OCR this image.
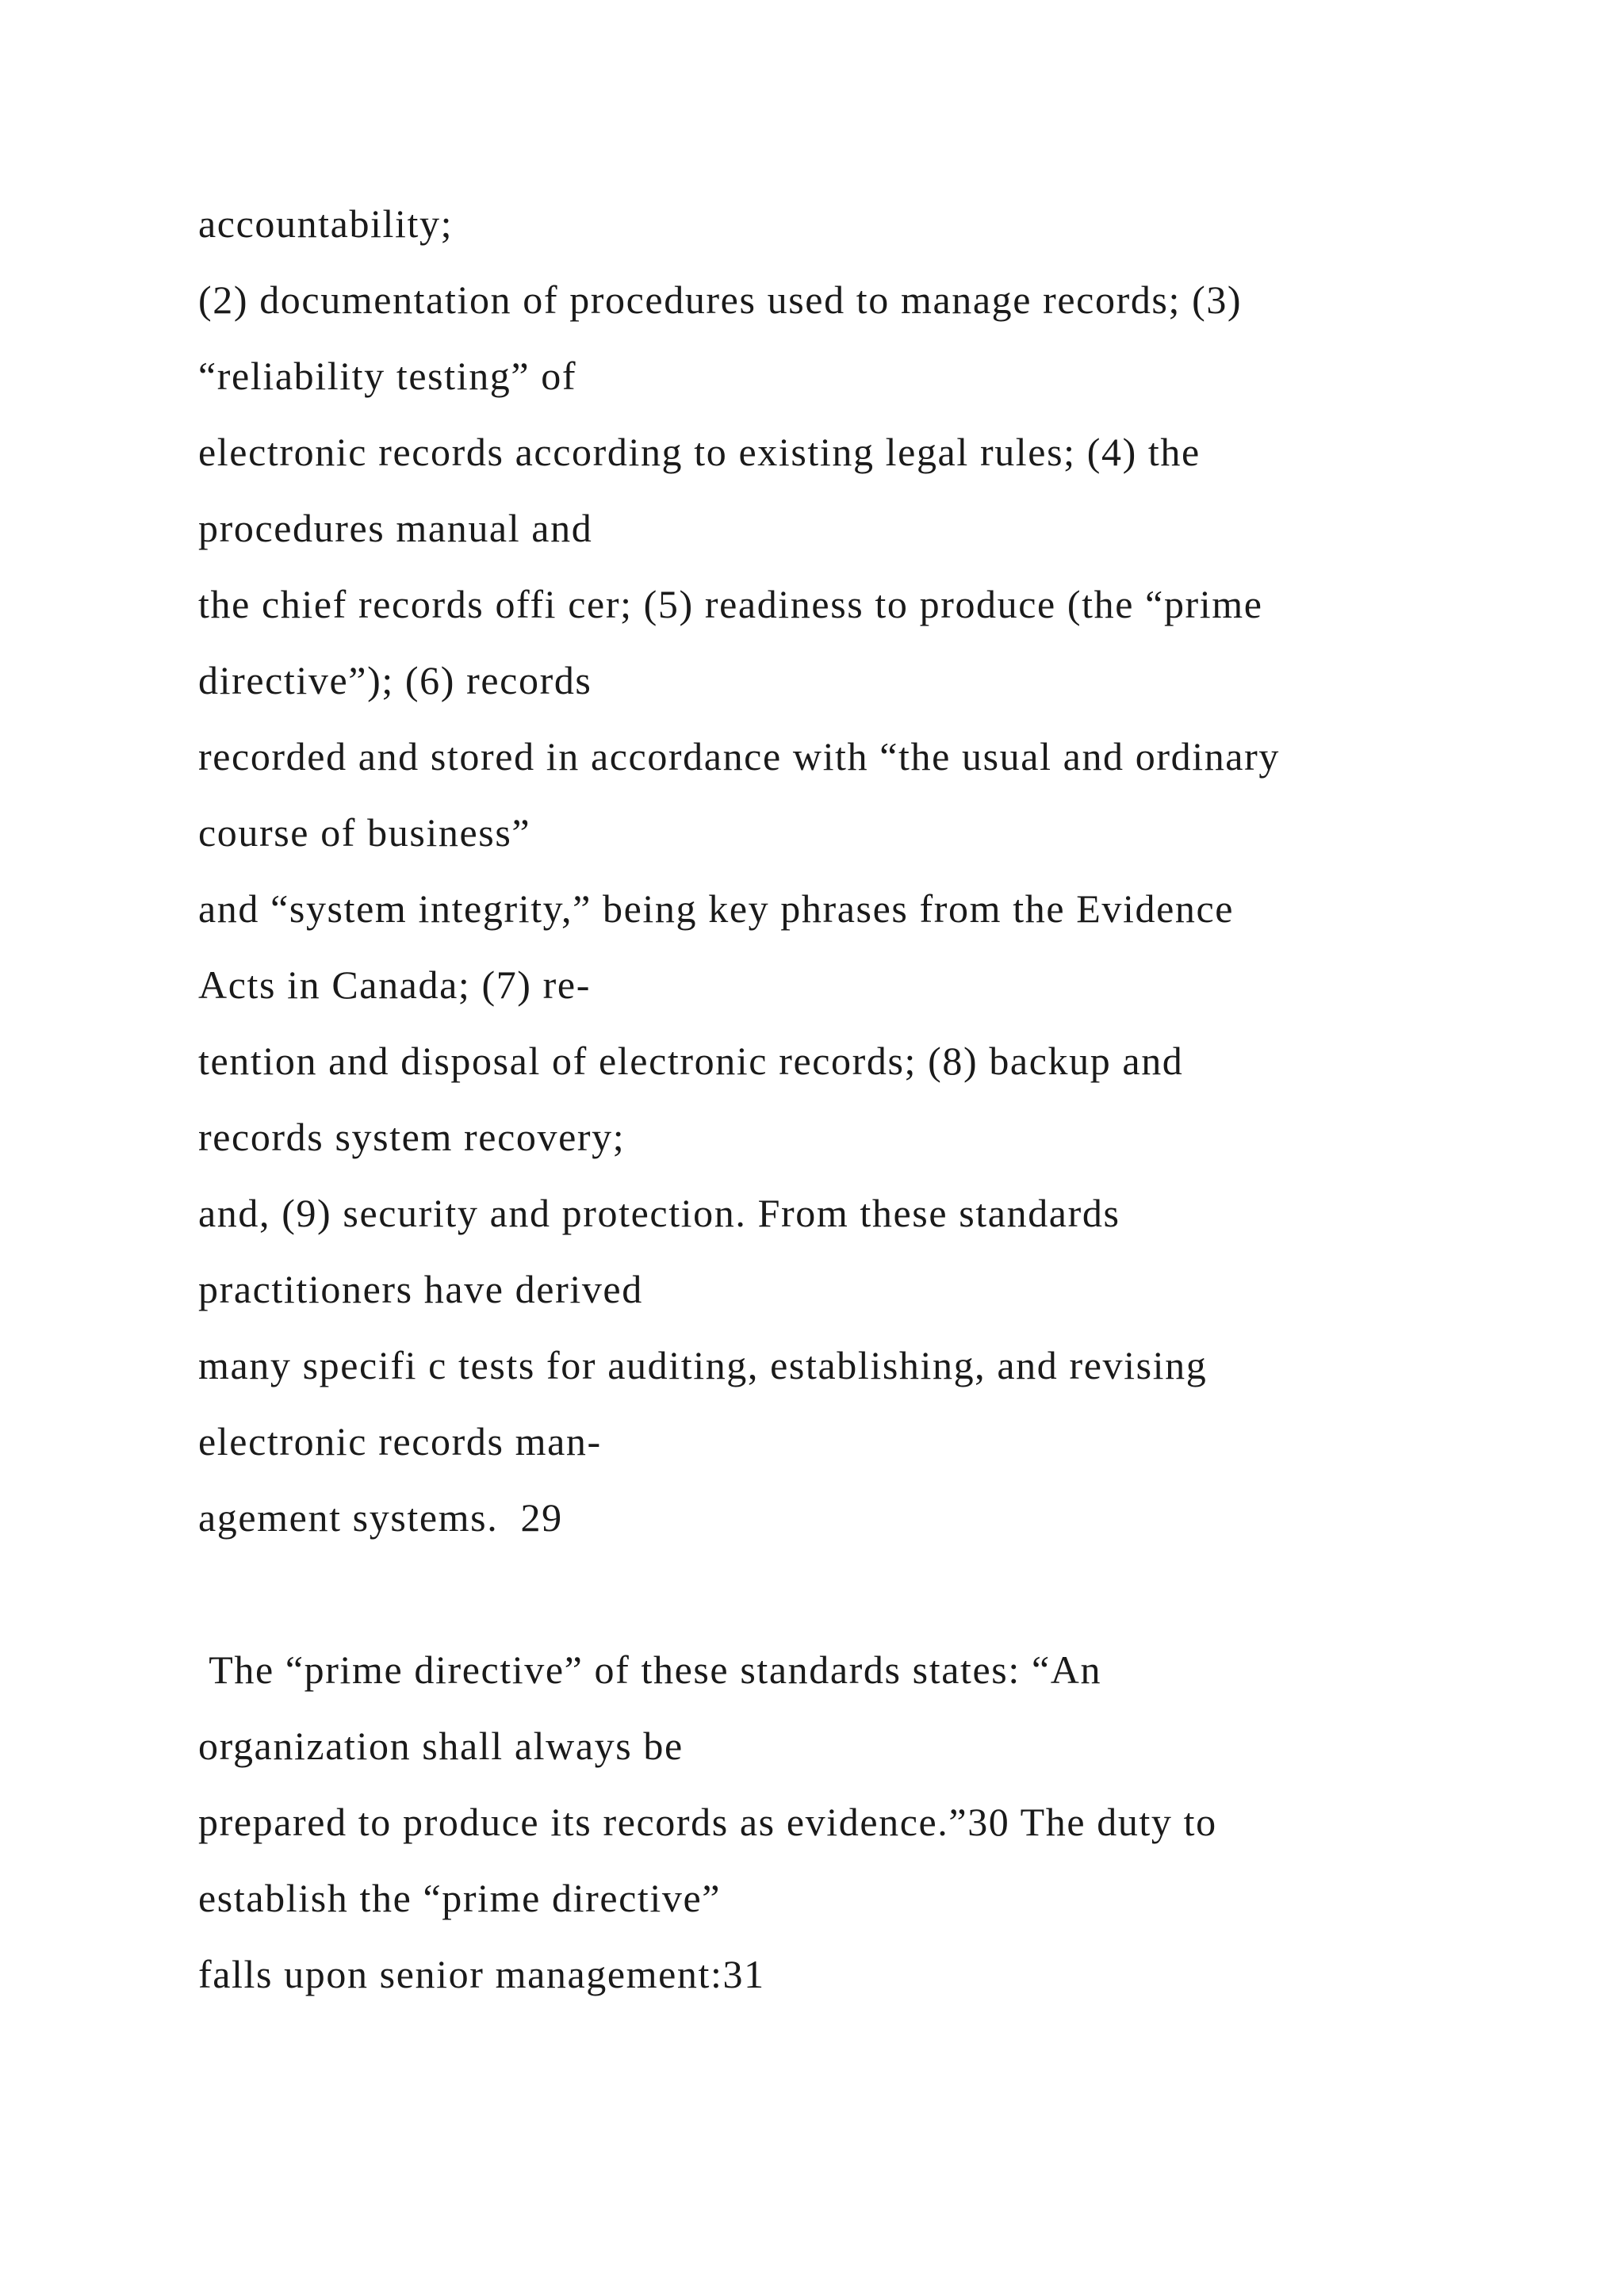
accountability;
(2) documentation of procedures used to manage records; (3)
“reliability testing” of
electronic records according to existing legal rules; (4) the
procedures manual and
the chief records offi cer; (5) readiness to produce (the “prime
directive”); (6) records
recorded and stored in accordance with “the usual and ordinary
course of business”
and “system integrity,” being key phrases from the Evidence
Acts in Canada; (7) re-
tention and disposal of electronic records; (8) backup and
records system recovery;
and, (9) security and protection. From these standards
practitioners have derived
many specifi c tests for auditing, establishing, and revising
electronic records man-
agement systems.  29
The “prime directive” of these standards states: “An
organization shall always be
prepared to produce its records as evidence.”30 The duty to
establish the “prime directive”
falls upon senior management:31
